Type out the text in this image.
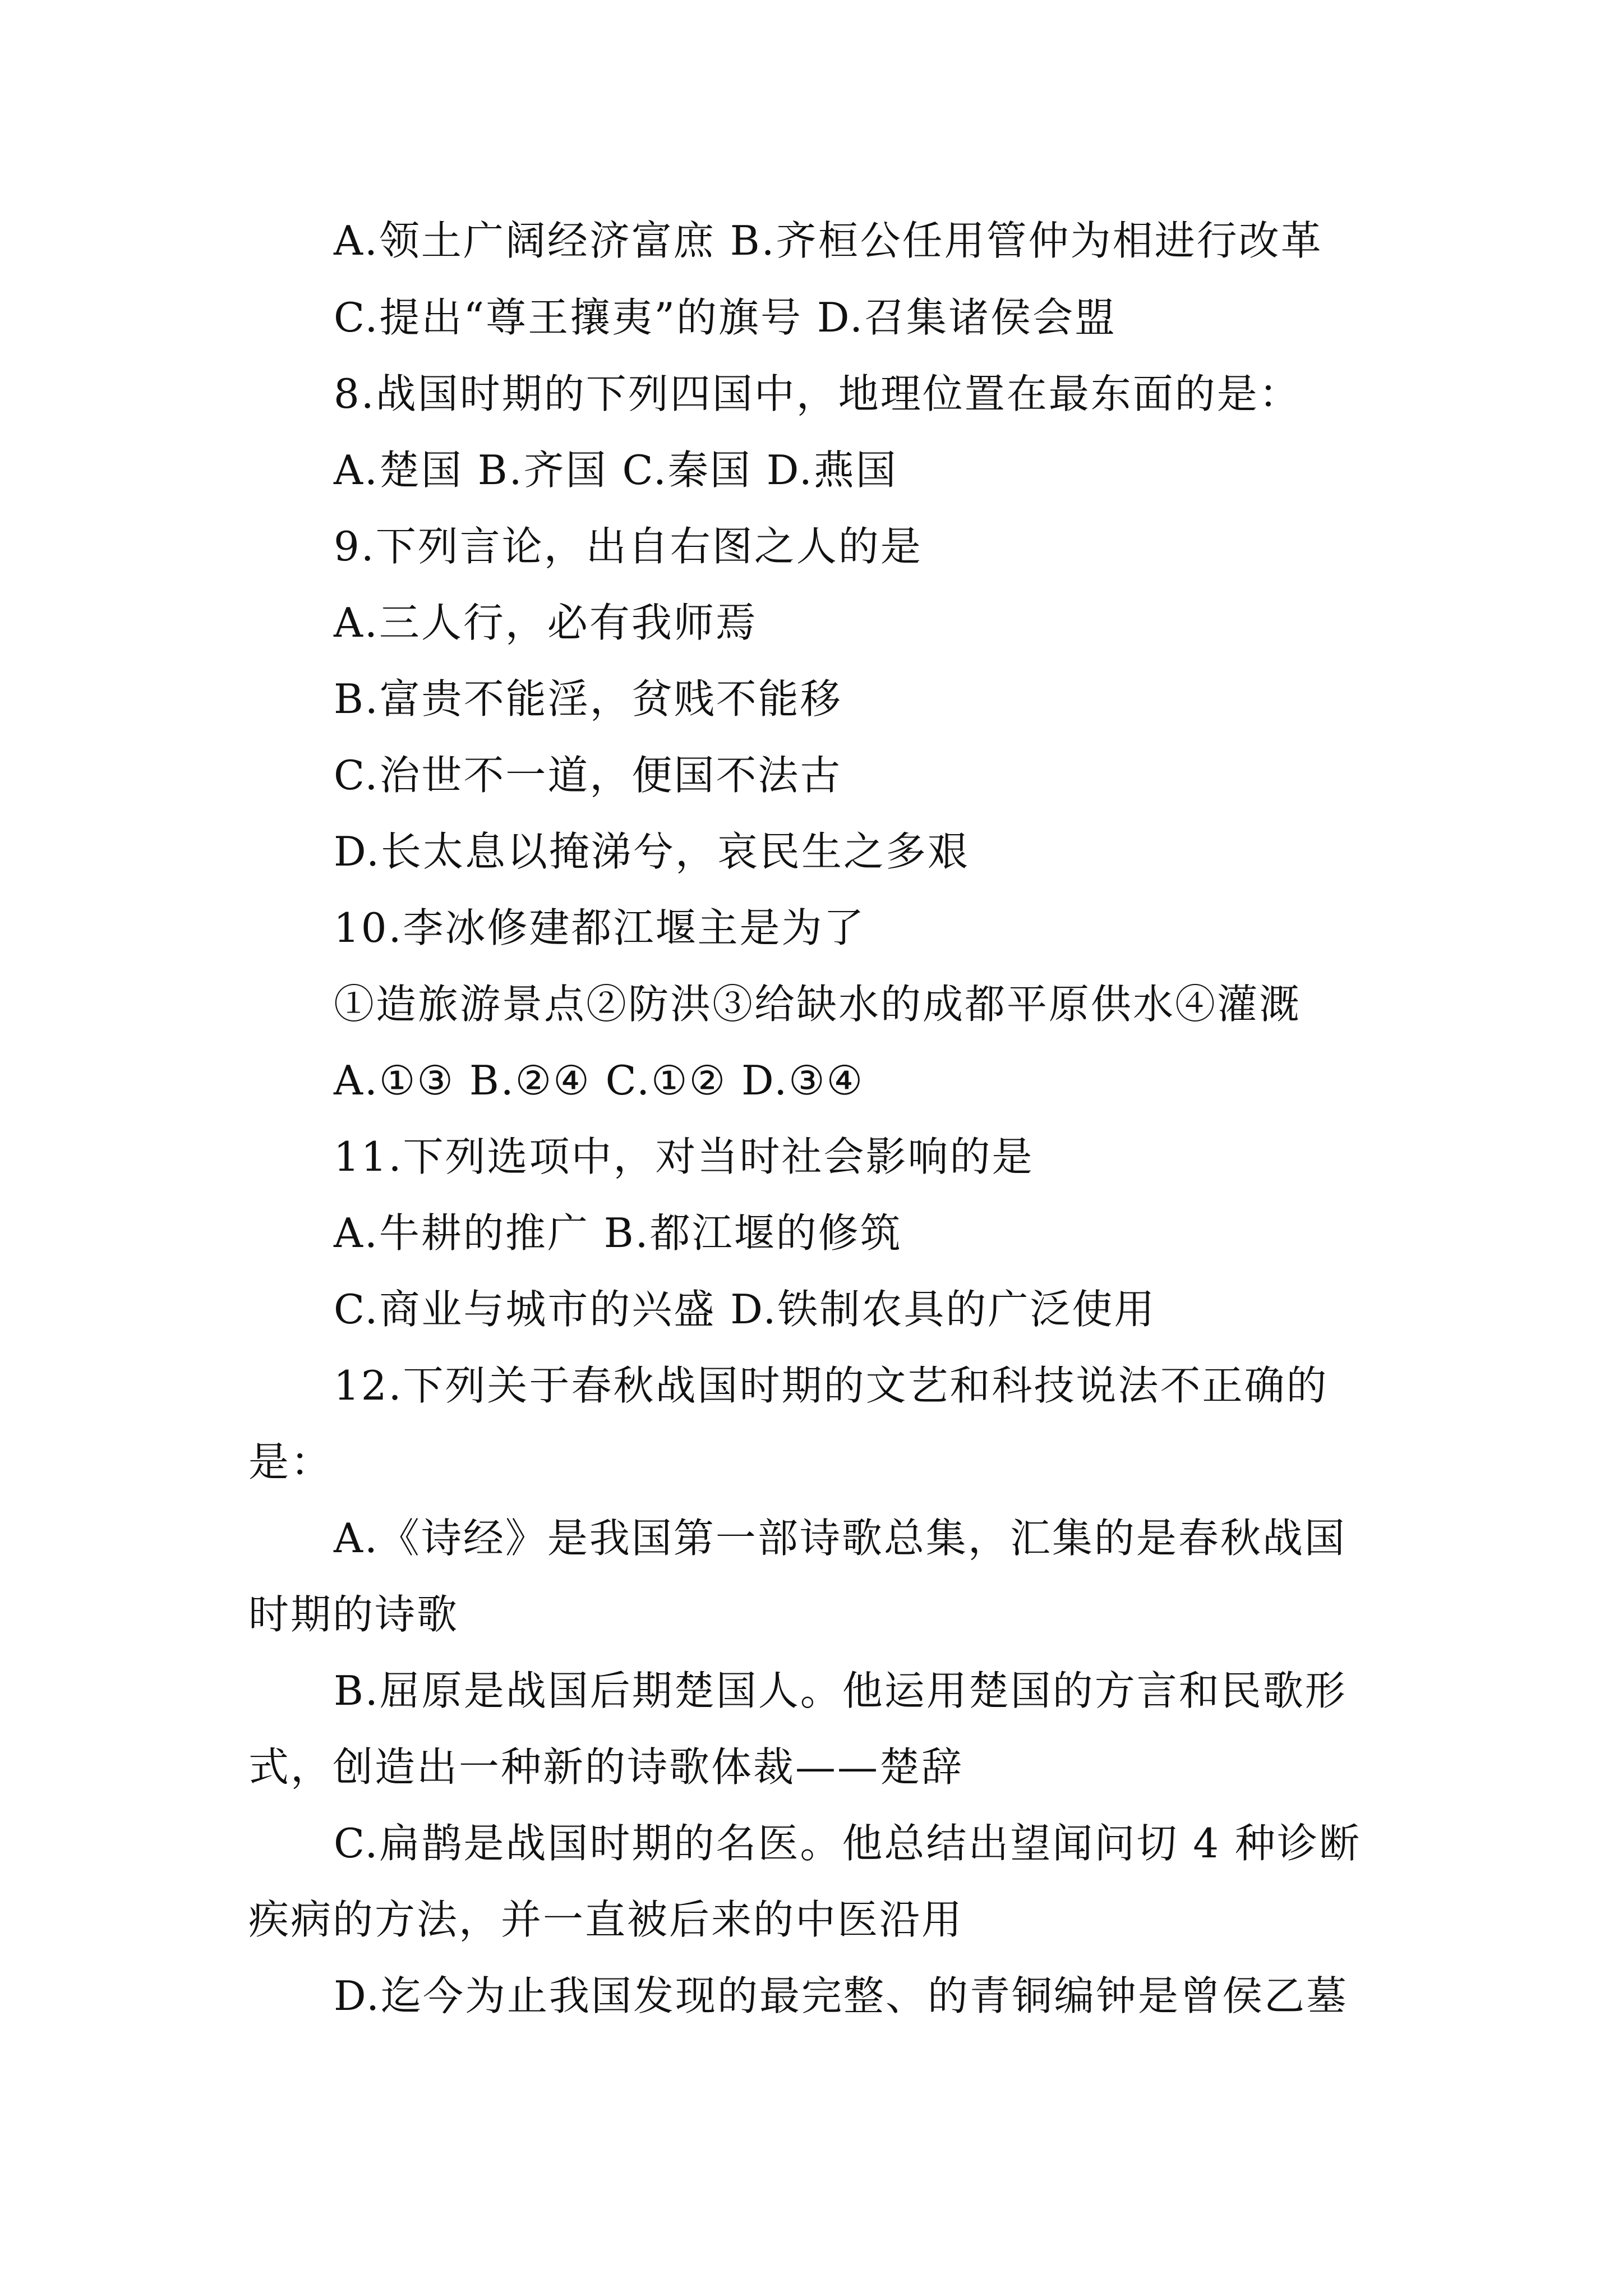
A.领土广阔经济富庶 B.齐桓公任用管仲为相进行改革
C.提出“尊王攘夷”的旗号 D.召集诸侯会盟
8.战国时期的下列四国中，地理位置在最东面的是：
A.楚国 B.齐国 C.秦国 D.燕国
9.下列言论，出自右图之人的是
A.三人行，必有我师焉
B.富贵不能淫，贫贱不能移
C.治世不一道，便国不法古
D.长太息以掩涕兮，哀民生之多艰
10.李冰修建都江堰主是为了
①造旅游景点②防洪③给缺水的成都平原供水④灌溉
A.①③ B.②④ C.①② D.③④
11.下列选项中，对当时社会影响的是
A.牛耕的推广 B.都江堰的修筑
C.商业与城市的兴盛 D.铁制农具的广泛使用
12.下列关于春秋战国时期的文艺和科技说法不正确的
是：
A.《诗经》是我国第一部诗歌总集，汇集的是春秋战国
时期的诗歌
B.屈原是战国后期楚国人。他运用楚国的方言和民歌形
式，创造出一种新的诗歌体裁——楚辞
C.扁鹊是战国时期的名医。他总结出望闻问切 4 种诊断
疾病的方法，并一直被后来的中医沿用
D.迄今为止我国发现的最完整、的青铜编钟是曾侯乙墓
